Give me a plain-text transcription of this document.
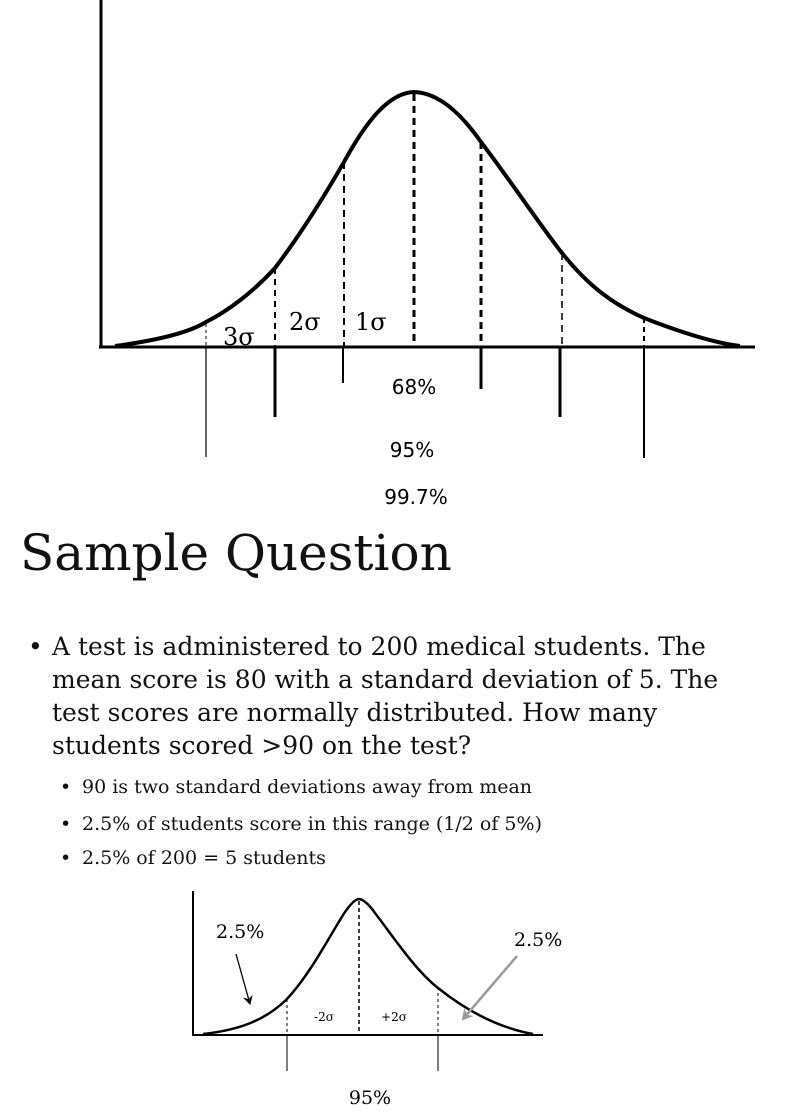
3σ
2σ 1σ
68%
95%
99.7%
Sample Question
• A test is administered to 200 medical students. The mean score is 80 with a standard deviation of 5. The test scores are normally distributed. How many students scored >90 on the test?
• 90 is two standard deviations away from mean
• 2.5% of students score in this range (1/2 of 5%)
• 2.5% of 200 = 5 students
2.5%	2.5%
-2σ	+2σ
95%
